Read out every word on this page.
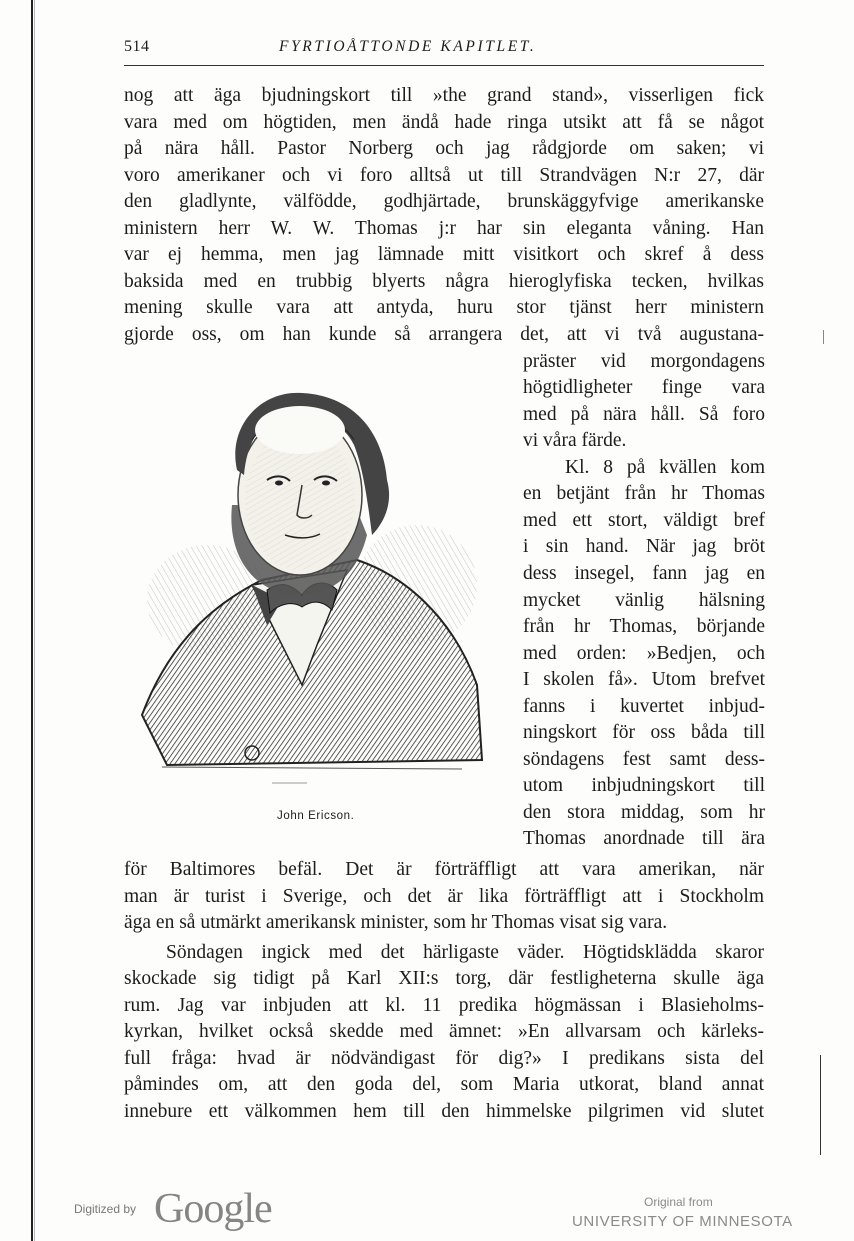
514	FYRTIOÅTTONDE KAPITLET.
nog att äga bjudningskort till »the grand stand», visserligen fick
vara med om högtiden, men ändå hade ringa utsikt att få se något
på nära håll. Pastor Norberg och jag rådgjorde om saken; vi
voro amerikaner och vi foro alltså ut till Strandvägen N:r 27, där
den gladlynte, välfödde, godhjärtade, brunskäggyfvige amerikanske
ministern herr W. W. Thomas j:r har sin eleganta våning. Han
var ej hemma, men jag lämnade mitt visitkort och skref å dess
baksida med en trubbig blyerts några hieroglyfiska tecken, hvilkas
mening skulle vara att antyda, huru stor tjänst herr ministern
gjorde oss, om han kunde så arrangera det, att vi två augustana-
präster vid morgondagens
högtidligheter finge vara
med på nära håll. Så foro
vi våra färde.
Kl. 8 på kvällen kom
en betjänt från hr Thomas
med ett stort, väldigt bref
i sin hand. När jag bröt
dess insegel, fann jag en
mycket vänlig hälsning
från hr Thomas, börjande
med orden: »Bedjen, och
I skolen få». Utom brefvet
fanns i kuvertet inbjud-
ningskort för oss båda till
söndagens fest samt dess-
utom inbjudningskort till
den stora middag, som hr
Thomas anordnade till ära
John Ericson.
för Baltimores befäl. Det är förträffligt att vara amerikan, när
man är turist i Sverige, och det är lika förträffligt att i Stockholm
äga en så utmärkt amerikansk minister, som hr Thomas visat sig vara.
Söndagen ingick med det härligaste väder. Högtidsklädda skaror
skockade sig tidigt på Karl XII:s torg, där festligheterna skulle äga
rum. Jag var inbjuden att kl. 11 predika högmässan i Blasieholms-
kyrkan, hvilket också skedde med ämnet: »En allvarsam och kärleks-
full fråga: hvad är nödvändigast för dig?» I predikans sista del
påmindes om, att den goda del, som Maria utkorat, bland annat
innebure ett välkommen hem till den himmelske pilgrimen vid slutet
Digitized by Google	Original from
UNIVERSITY OF MINNESOTA
